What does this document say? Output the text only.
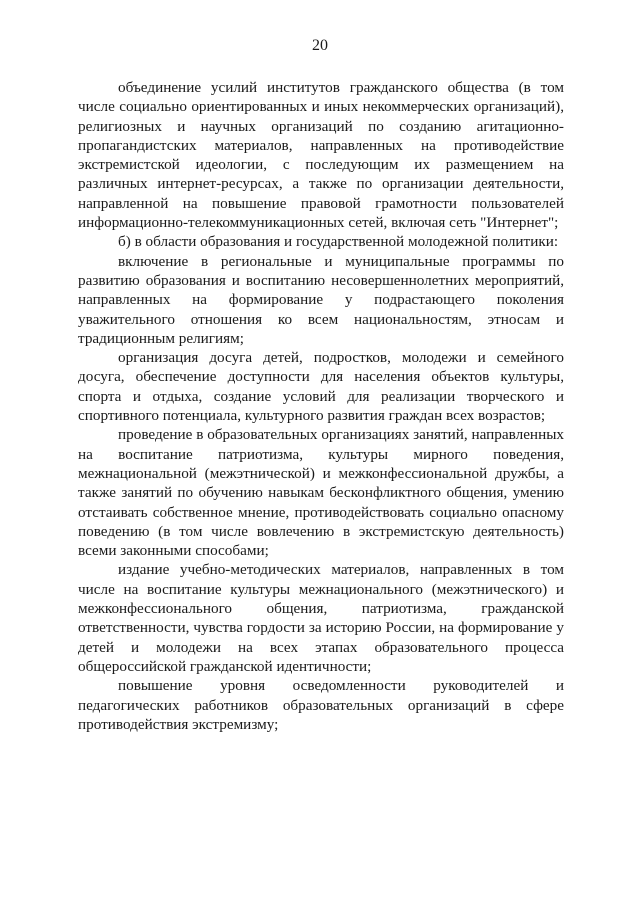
20

объединение усилий институтов гражданского общества (в том числе социально ориентированных и иных некоммерческих организаций), религиозных и научных организаций по созданию агитационно-пропагандистских материалов, направленных на противодействие экстремистской идеологии, с последующим их размещением на различных интернет-ресурсах, а также по организации деятельности, направленной на повышение правовой грамотности пользователей информационно-телекоммуникационных сетей, включая сеть "Интернет";

б) в области образования и государственной молодежной политики:

включение в региональные и муниципальные программы по развитию образования и воспитанию несовершеннолетних мероприятий, направленных на формирование у подрастающего поколения уважительного отношения ко всем национальностям, этносам и традиционным религиям;

организация досуга детей, подростков, молодежи и семейного досуга, обеспечение доступности для населения объектов культуры, спорта и отдыха, создание условий для реализации творческого и спортивного потенциала, культурного развития граждан всех возрастов;

проведение в образовательных организациях занятий, направленных на воспитание патриотизма, культуры мирного поведения, межнациональной (межэтнической) и межконфессиональной дружбы, а также занятий по обучению навыкам бесконфликтного общения, умению отстаивать собственное мнение, противодействовать социально опасному поведению (в том числе вовлечению в экстремистскую деятельность) всеми законными способами;

издание учебно-методических материалов, направленных в том числе на воспитание культуры межнационального (межэтнического) и межконфессионального общения, патриотизма, гражданской ответственности, чувства гордости за историю России, на формирование у детей и молодежи на всех этапах образовательного процесса общероссийской гражданской идентичности;

повышение уровня осведомленности руководителей и педагогических работников образовательных организаций в сфере противодействия экстремизму;
